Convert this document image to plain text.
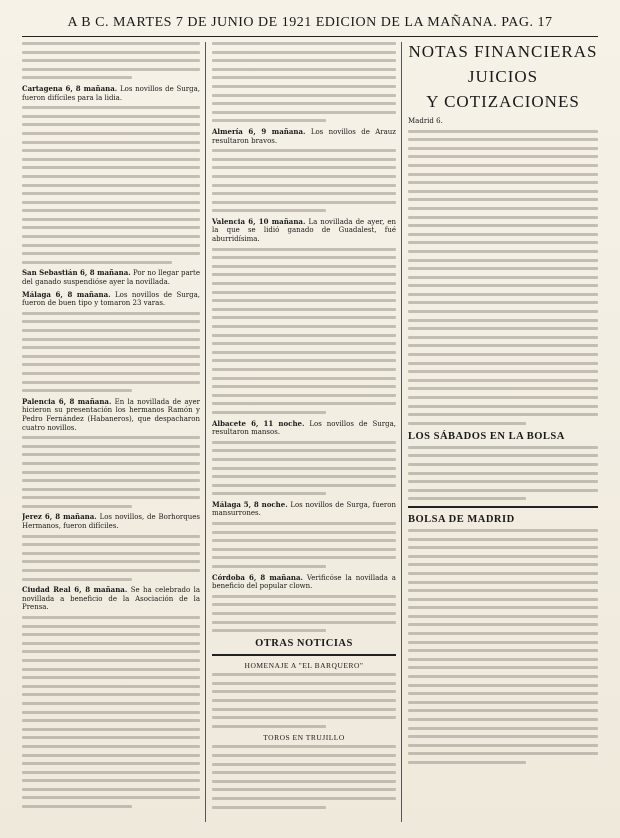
A B C. MARTES 7 DE JUNIO DE 1921 EDICION DE LA MAÑANA. PAG. 17

Cartagena 6, 8 mañana. Los novillos de Surga, fueron difíciles para la lidia.

San Sebastián 6, 8 mañana. Por no llegar parte del ganado suspendióse ayer la novillada.

Málaga 6, 8 mañana. Los novillos de Surga, fueron de buen tipo y tomaron 23 varas.

Palencia 6, 8 mañana. En la novillada de ayer hicieron su presentación los hermanos Ramón y Pedro Fernández (Habaneros), que despacharon cuatro novillos.

Jerez 6, 8 mañana. Los novillos, de Borhorques Hermanos, fueron difíciles.

Ciudad Real 6, 8 mañana. Se ha celebrado la novillada a beneficio de la Asociación de la Prensa.

Almería 6, 9 mañana. Los novillos de Arauz resultaron bravos.

Valencia 6, 10 mañana. La novillada de ayer, en la que se lidió ganado de Guadalest, fué aburridísima.

Albacete 6, 11 noche. Los novillos de Surga, resultaron mansos.

Málaga 5, 8 noche. Los novillos de Surga, fueron mansurrones.

Córdoba 6, 8 mañana. Verificóse la novillada a beneficio del popular clown.

OTRAS NOTICIAS
HOMENAJE A "EL BARQUERO"
TOROS EN TRUJILLO
NOTAS FINANCIERAS
JUICIOS
Y COTIZACIONES

Madrid 6.

LOS SÁBADOS EN LA BOLSA
BOLSA DE MADRID
